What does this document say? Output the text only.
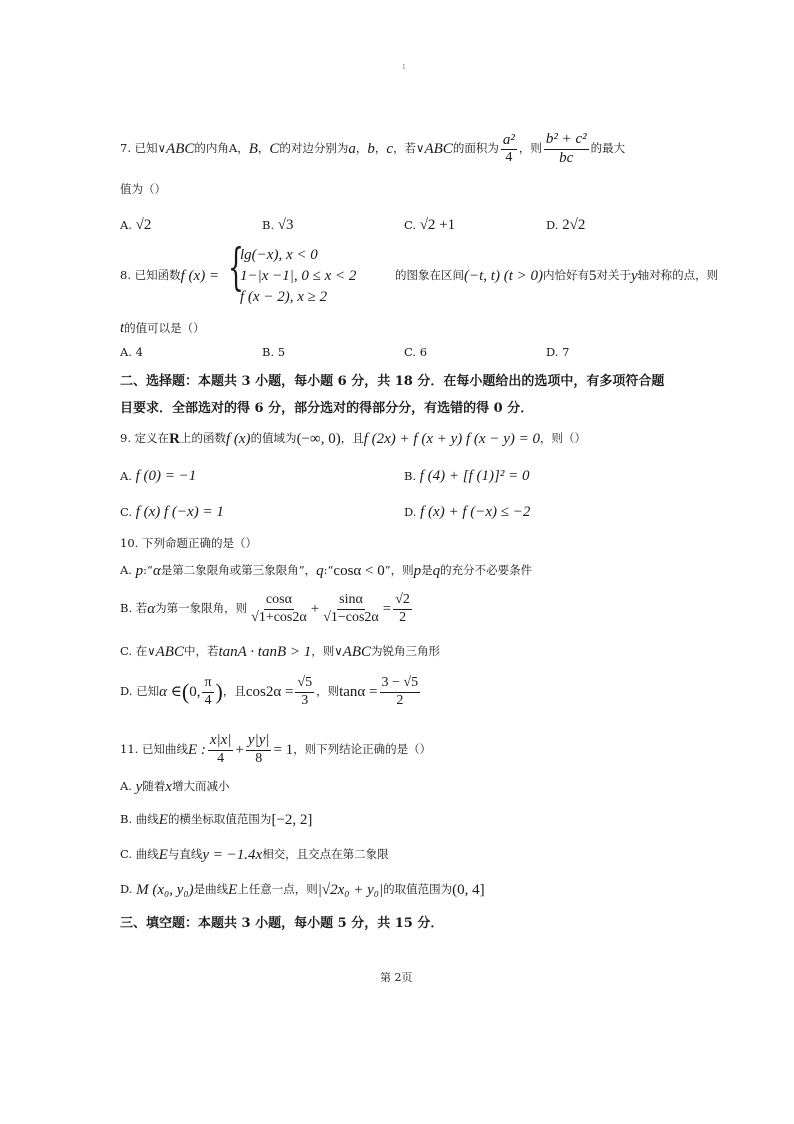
1
7. 已知∨ ABC 的内角A， B ， C 的对边分别为 a ， b ， c ，若∨ ABC 的面积为 $\frac{\text{a²}}{4}$ ，则 $\frac{\text{b² + c²}}{bc}$ 的最大
值为（）
A. √2	B. √3	C. √2 +1	D. 2√2
8. 已知函数 f (x) = {
lg(−x), x < 0
1−|x −1|, 0 ≤ x < 2
f (x − 2), x ≥ 2
的图象在区间 (−t, t) (t > 0) 内恰好有 5 对关于 y 轴对称的点，则
t的值可以是（）
A. 4	B. 5	C. 6	D. 7
二、选择题：本题共 3 小题，每小题 6 分，共 18 分．在每小题给出的选项中，有多项符合题
目要求．全部选对的得 6 分，部分选对的得部分分，有选错的得 0 分．
9. 定义在 R 上的函数 f (x) 的值域为 (−∞, 0) ，且 f (2x) + f (x + y) f (x − y) = 0 ，则（）
A. f (0) = −1	B. f (4) + [f (1)]² = 0
C. f (x) f (−x) = 1	D. f (x) + f (−x) ≤ −2
10. 下列命题正确的是（）
A.
p :“ α 是第二象限角或第三象限角”， q :“ cosα < 0 ”，则 p 是 q 的充分不必要条件
B. 若 α 为第一象限角，则 $\frac{\cos\alpha}{√1+\cos 2\alpha} + \frac{\sin\alpha}{√1-\cos 2\alpha} = \frac{√2}{2}$
C. 在∨ ABC 中，若 tanA · tanB > 1 ，则∨ ABC 为锐角三角形
D. 已知 α ∈ ( 0, $\frac{\pi}{4}$ ) ，且 $\cos 2\alpha = \frac{√5}{3}$ ，则 $\tan\alpha = \frac{3 - √5}{2}$
11. 已知曲线 E : $\frac{x|x|}{4} + \frac{y|y|}{8} = 1$ ，则下列结论正确的是（）
A.
y 随着 x 增大而减小
B. 曲线 E 的横坐标取值范围为 [−2, 2]
C. 曲线 E 与直线 y = −1.4x 相交，且交点在第二象限
D.
M (x₀, y₀) 是曲线 E 上任意一点，则 |√2x₀ + y₀| 的取值范围为 (0, 4]
三、填空题：本题共 3 小题，每小题 5 分，共 15 分．
第 2页
